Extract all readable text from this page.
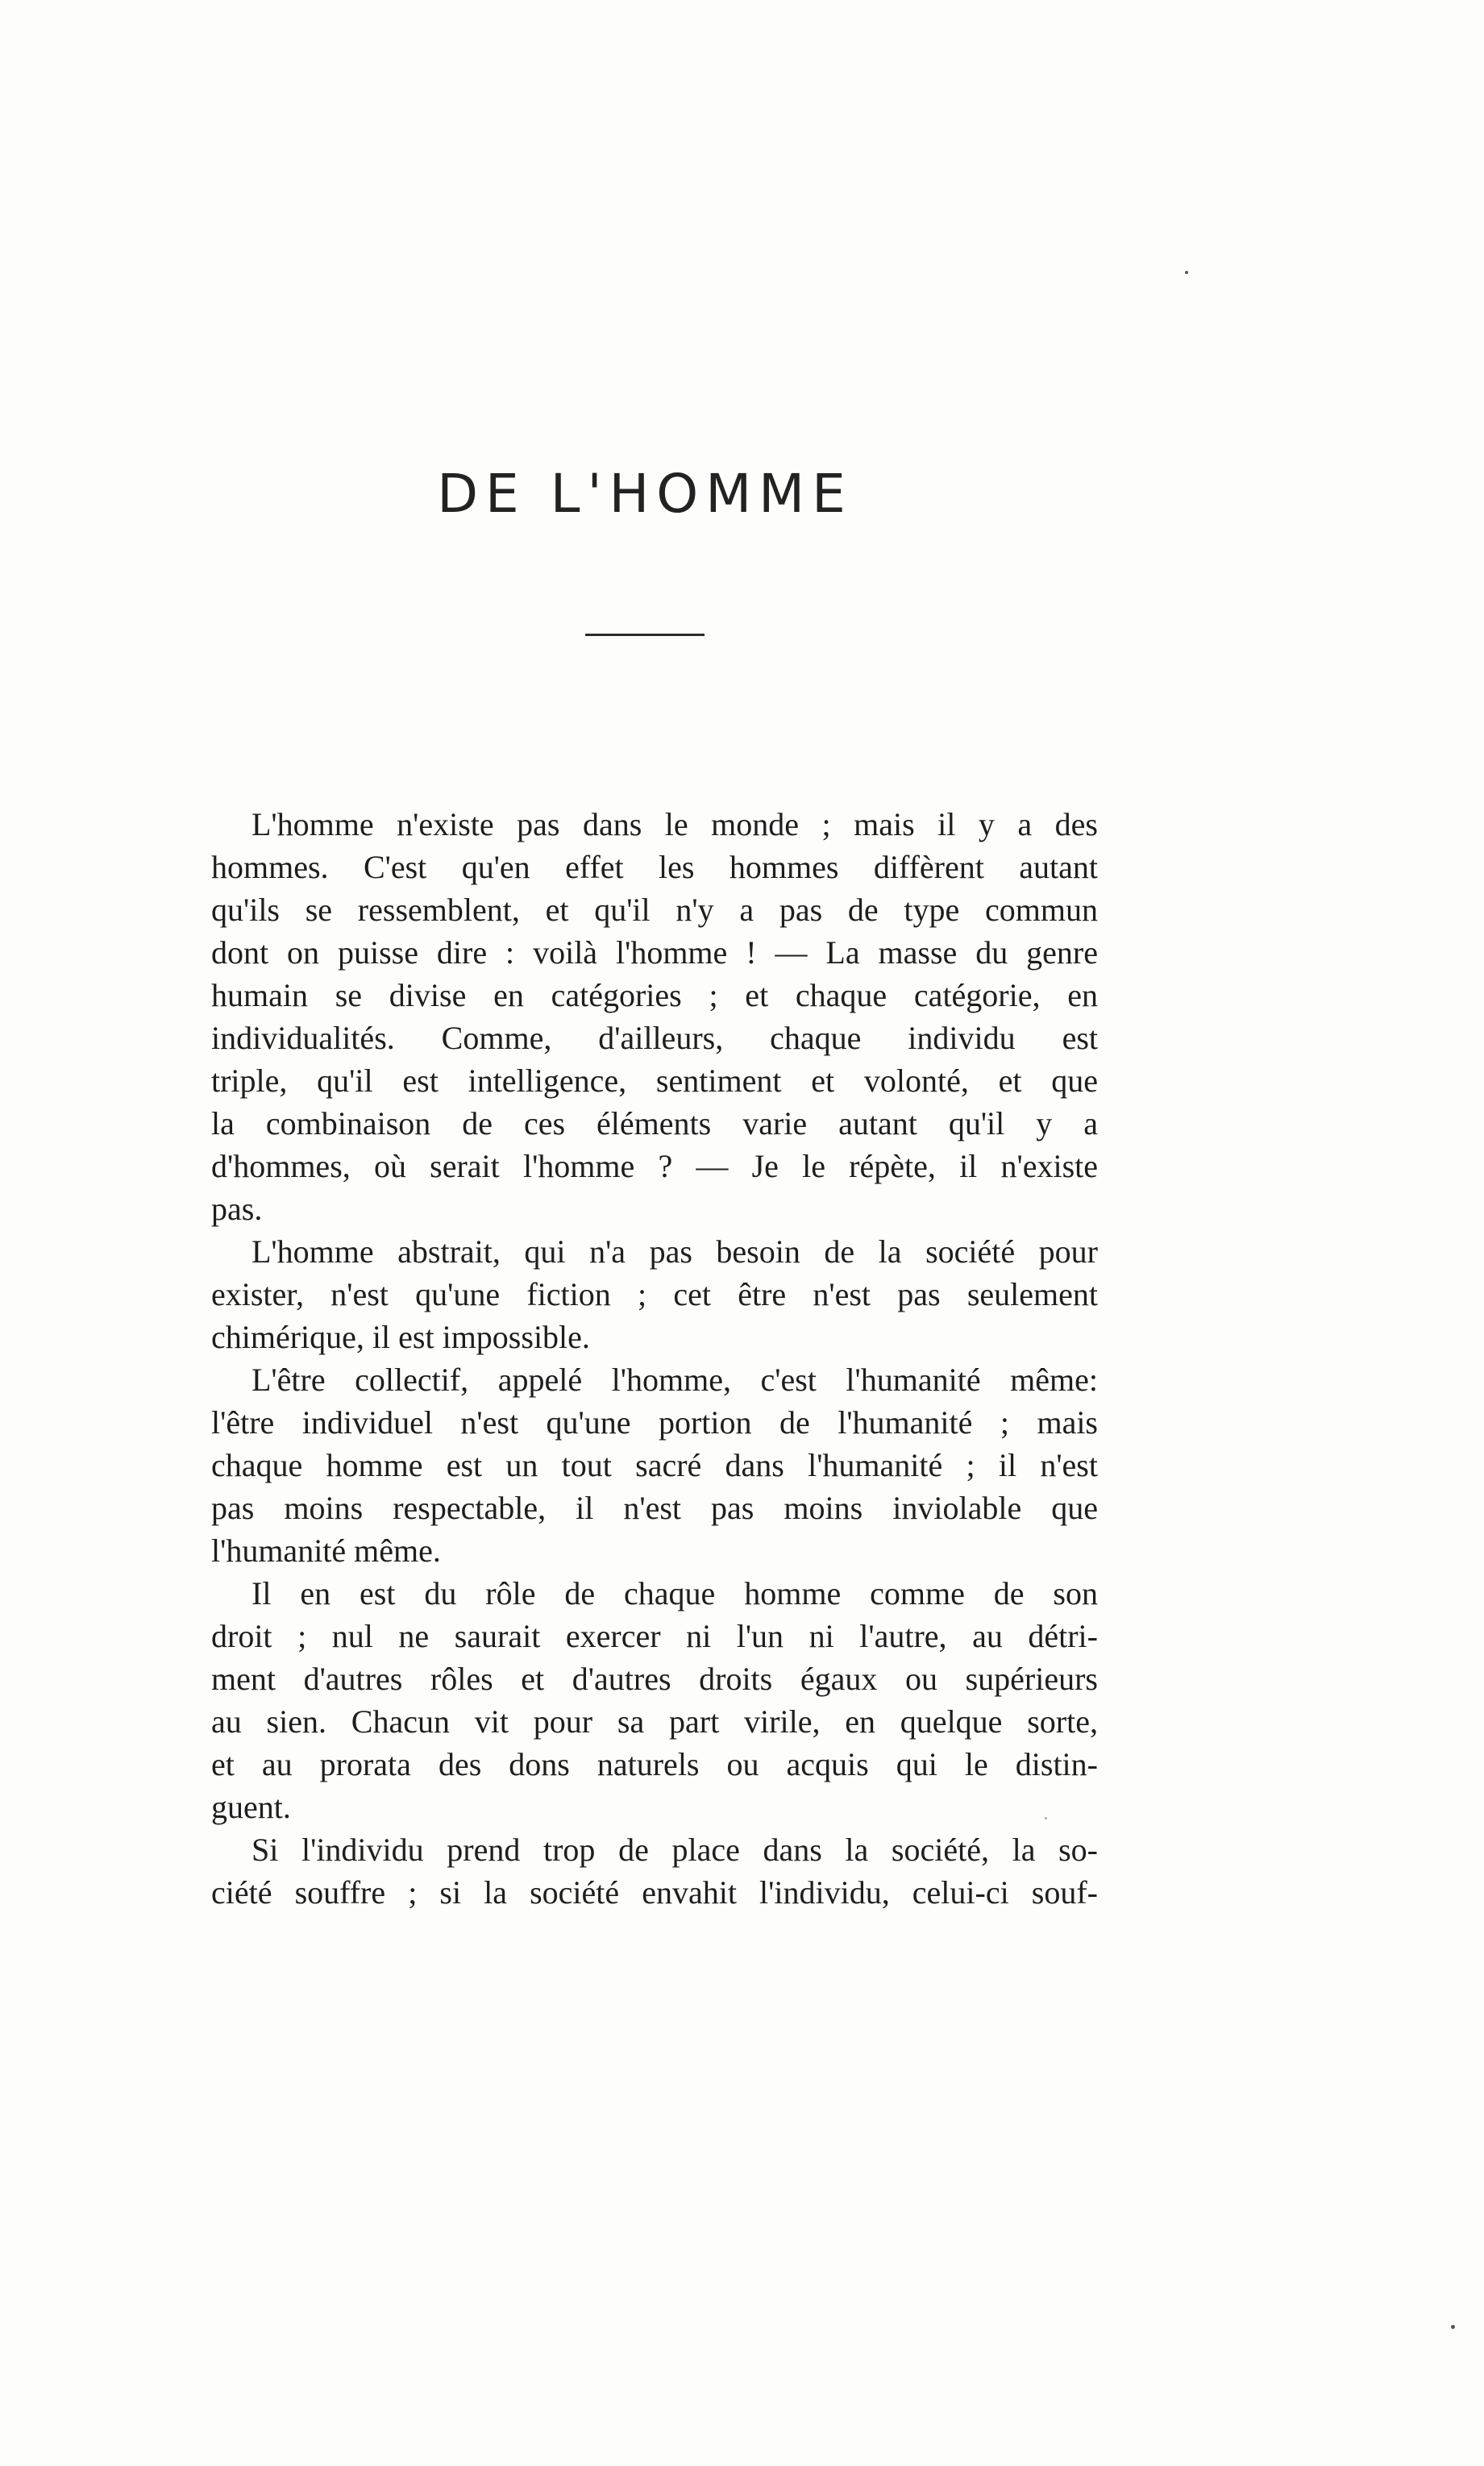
DE L'HOMME
L'homme n'existe pas dans le monde ; mais il y a des
hommes. C'est qu'en effet les hommes diffèrent autant
qu'ils se ressemblent, et qu'il n'y a pas de type commun
dont on puisse dire : voilà l'homme ! — La masse du genre
humain se divise en catégories ; et chaque catégorie, en
individualités. Comme, d'ailleurs, chaque individu est
triple, qu'il est intelligence, sentiment et volonté, et que
la combinaison de ces éléments varie autant qu'il y a
d'hommes, où serait l'homme ? — Je le répète, il n'existe
pas.
L'homme abstrait, qui n'a pas besoin de la société pour
exister, n'est qu'une fiction ; cet être n'est pas seulement
chimérique, il est impossible.
L'être collectif, appelé l'homme, c'est l'humanité même:
l'être individuel n'est qu'une portion de l'humanité ; mais
chaque homme est un tout sacré dans l'humanité ; il n'est
pas moins respectable, il n'est pas moins inviolable que
l'humanité même.
Il en est du rôle de chaque homme comme de son
droit ; nul ne saurait exercer ni l'un ni l'autre, au détri-
ment d'autres rôles et d'autres droits égaux ou supérieurs
au sien. Chacun vit pour sa part virile, en quelque sorte,
et au prorata des dons naturels ou acquis qui le distin-
guent.
Si l'individu prend trop de place dans la société, la so-
ciété souffre ; si la société envahit l'individu, celui-ci souf-
